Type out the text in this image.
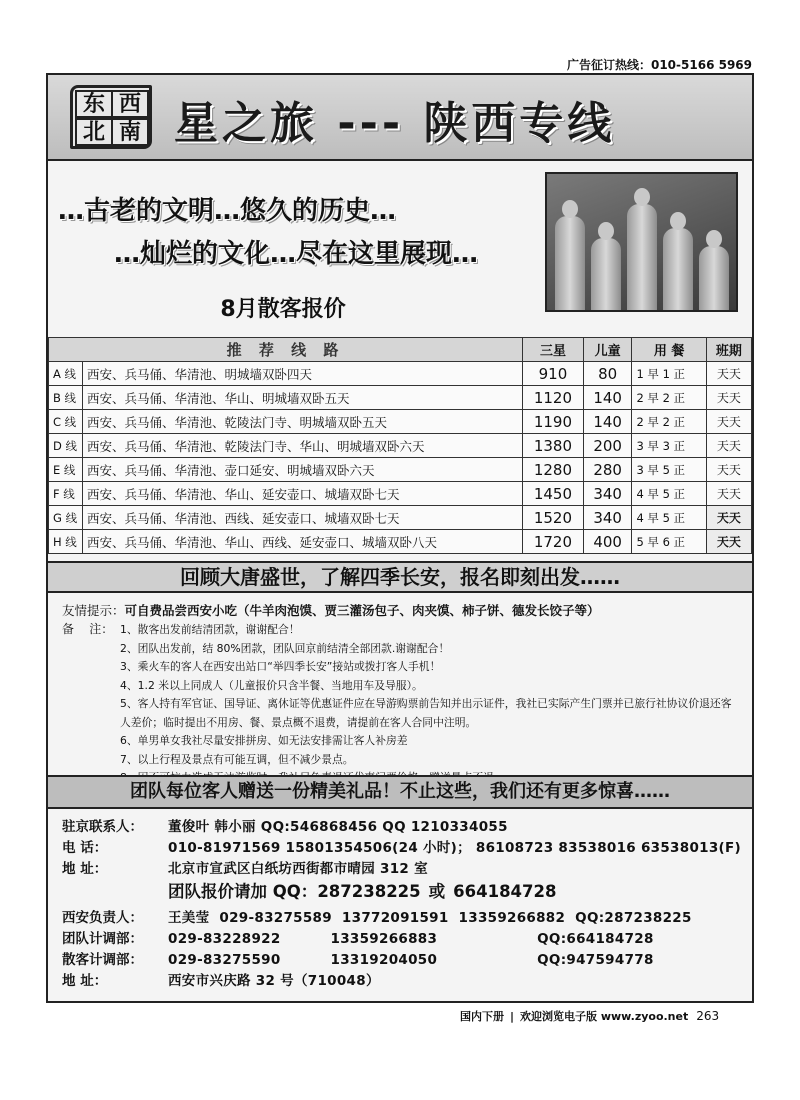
广告征订热线：010-5166 5969
东 西
南
北 星之旅 --- 陕西专线
…古老的文明…悠久的历史…
…灿烂的文化…尽在这里展现…
8月散客报价
推 荐 线 路		三星	儿童	用 餐	班期
A 线	西安、兵马俑、华清池、明城墙双卧四天	910	80	1 早 1 正	天天
B 线	西安、兵马俑、华清池、华山、明城墙双卧五天	1120	140	2 早 2 正	天天
C 线	西安、兵马俑、华清池、乾陵法门寺、明城墙双卧五天	1190	140	2 早 2 正	天天
D 线	西安、兵马俑、华清池、乾陵法门寺、华山、明城墙双卧六天	1380	200	3 早 3 正	天天
E 线	西安、兵马俑、华清池、壶口延安、明城墙双卧六天	1280	280	3 早 5 正	天天
F 线	西安、兵马俑、华清池、华山、延安壶口、城墙双卧七天	1450	340	4 早 5 正	天天
G 线	西安、兵马俑、华清池、西线、延安壶口、城墙双卧七天	1520	340	4 早 5 正	天天
H 线	西安、兵马俑、华清池、华山、西线、延安壶口、城墙双卧八天	1720	400	5 早 6 正	天天
回顾大唐盛世，了解四季长安，报名即刻出发……
友情提示：可自费品尝西安小吃（牛羊肉泡馍、贾三灌汤包子、肉夹馍、柿子饼、德发长饺子等）
备    注： 1、散客出发前结清团款，谢谢配合！
2、团队出发前，结 80%团款，团队回京前结清全部团款.谢谢配合！
3、乘火车的客人在西安出站口“举四季长安”接站或拨打客人手机！
4、1.2 米以上同成人（儿童报价只含半餐、当地用车及导服）。
5、客人持有军官证、国导证、离休证等优惠证件应在导游购票前告知并出示证件，我社已实际产生门票并已旅行社协议价退还客人差价；临时提出不用房、餐、景点概不退费，请提前在客人合同中注明。
6、单男单女我社尽量安排拼房、如无法安排需让客人补房差
7、以上行程及景点有可能互调，但不减少景点。
团队每位客人赠送一份精美礼品！不止这些，我们还有更多惊喜……
驻京联系人： 董俊叶 韩小丽 QQ:546868456 QQ 1210334055
电 话：	010-81971569 15801354506(24 小时)； 86108723 83538016 63538013(F)
地 址：	北京市宣武区白纸坊西街都市晴园 312 室
团队报价请加 QQ：287238225 或 664184728
西安负责人： 王美莹  029-83275589  13772091591  13359266882  QQ:287238225
团队计调部： 029-83228922          13359266883                    QQ:664184728
散客计调部： 029-83275590          13319204050                    QQ:947594778
地 址：	西安市兴庆路 32 号（710048）
国内下册 | 欢迎浏览电子版 www.zyoo.net 263
